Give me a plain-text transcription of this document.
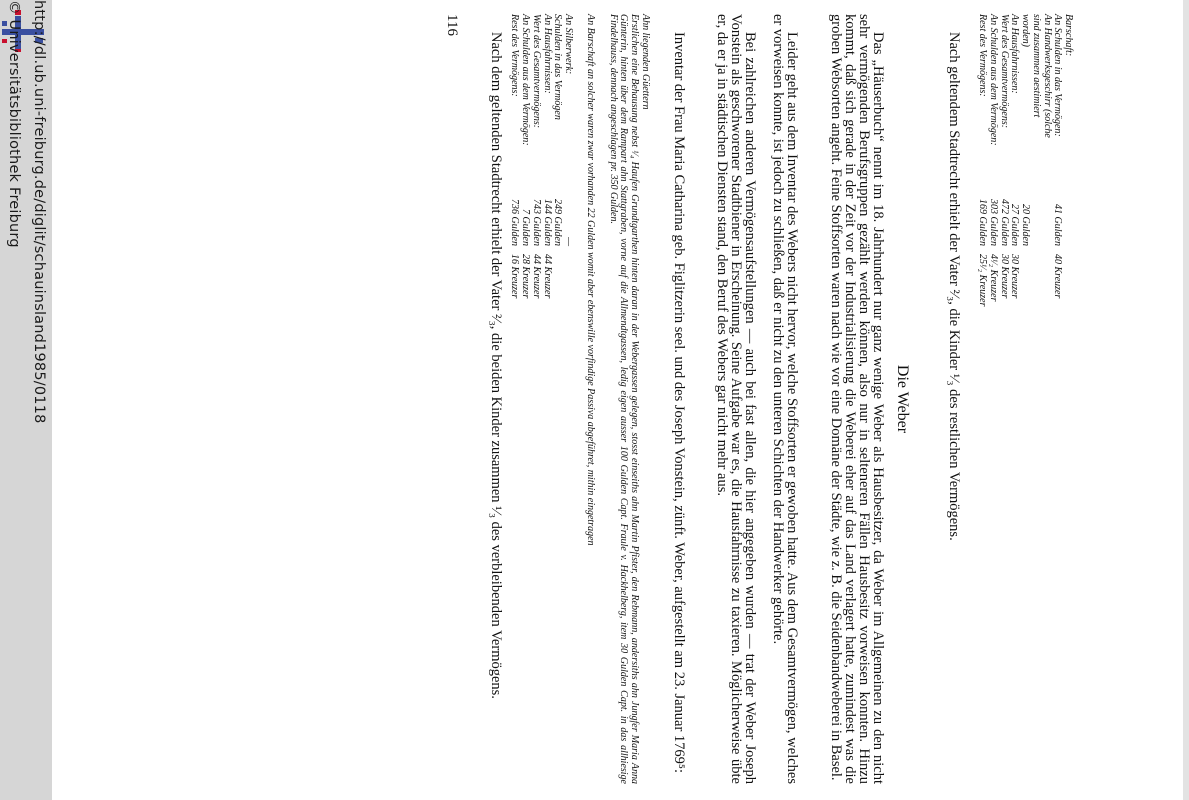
http://dl.ub.uni-freiburg.de/diglit/schauinsland1985/0118
© Universitätsbibliothek Freiburg	Barschaft:
An Schulden in das Vermögen:
41 Gulden
40 Kreuzer
An Handwerksgeschirr (solche
sind zusammen aestimiert
worden)
20 Gulden
An Hausfahrnissen:
27 Gulden
30 Kreuzer
Wert des Gesamtvermögens:
472 Gulden
30 Kreuzer
An Schulden aus dem Vermögen:
303 Gulden
4¹⁄₂ Kreuzer
Rest des Vermögens:
169 Gulden
25¹⁄₂ Kreuzer
Nach geltendem Stadtrecht erhielt der Vater ²⁄₃, die Kinder ¹⁄₃ des restlichen Vermögens.
Die Weber
Das „Häuserbuch“ nennt im 18. Jahrhundert nur ganz wenige Weber als Hausbesitzer, da Weber im Allgemeinen zu den nicht sehr vermögenden Berufsgruppen gezählt werden können, also nur in selteneren Fällen Hausbesitz vorweisen konnten. Hinzu kommt, daß sich gerade in der Zeit vor der Industrialisierung die Weberei eher auf das Land verlagert hatte, zumindest was die groben Websorten angeht. Feine Stoffsorten waren nach wie vor eine Domäne der Städte, wie z. B. die Seidenbandweberei in Basel.
Leider geht aus dem Inventar des Webers nicht hervor, welche Stoffsorten er gewoben hatte. Aus dem Gesamtvermögen, welches er vorweisen konnte, ist jedoch zu schließen, daß er nicht zu den unteren Schichten der Handwerker gehörte.
Bei zahlreichen anderen Vermögensaufstellungen — auch bei fast allen, die hier angegeben wurden — trat der Weber Joseph Vonstein als geschworener Stadtbiener in Erscheinung. Seine Aufgabe war es, die Hausfahrnisse zu taxieren. Möglicherweise übte er, da er ja in städtischen Diensten stand, den Beruf des Webers gar nicht mehr aus.
Inventar der Frau Maria Catharina geb. Figlitzerin seel. und des Joseph Vonstein, zünft. Weber, aufgestellt am 23. Januar 1769⁵:
Ahn liegenden Güettern
Erstlichen eine Behausung nebst ¹⁄₄ Haufen Grundtgarthen hinten daran in der Webergassen gelegen, stosst einseiths ahn Martin Pfister, den Rebmann, andersiths ahn Jungfer Maria Anna Günterin, hinten über dem Rampart ahn Stattgraben, vorne auf die Allmendtgassen, ledig eigen ausser 100 Gulden Capt. Fraule v. Hackhelberg, item 30 Gulden Capt. in das allhiesige Findelhauss, dennach angeschlagen pr. 350 Gulden.
An Barschaft an solcher waren zwar vorhanden 22 Gulden womit aber ebenswille vorfindige Passiva abgeführet, mithin eingetragen
An Silberwerk:
—
Schulden in das Vermögen
249 Gulden
An Hausfahrnissen:
144 Gulden
44 Kreuzer
Wert des Gesamtvermögens:
743 Gulden
44 Kreuzer
An Schulden aus dem Vermögen:
7 Gulden
28 Kreuzer
Rest des Vermögens:
736 Gulden
16 Kreuzer
Nach dem geltenden Stadtrecht erhielt der Vater ²⁄₃, die beiden Kinder zusammen ¹⁄₃ des verbleibenden Vermögens.
116
